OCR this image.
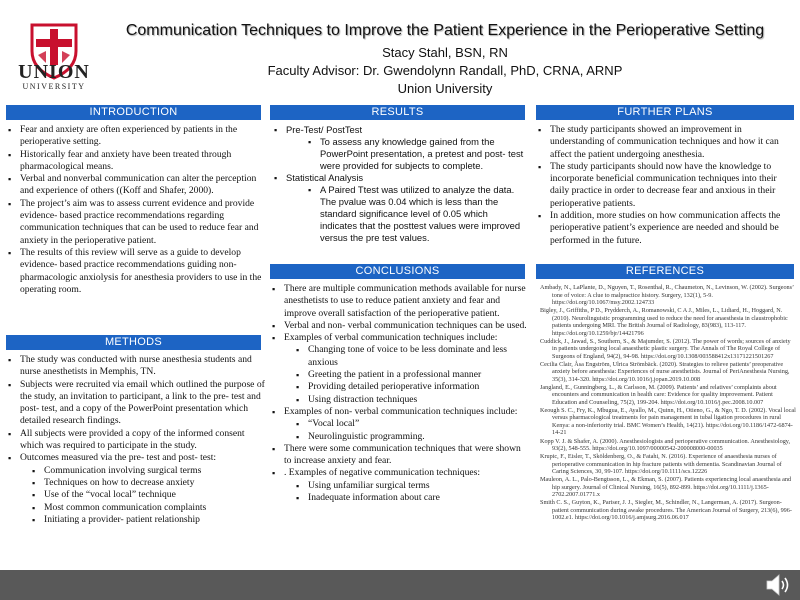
UNION
UNIVERSITY
Communication Techniques to Improve the Patient Experience in the Perioperative Setting
Stacy Stahl, BSN, RN
Faculty Advisor: Dr. Gwendolynn Randall, PhD, CRNA, ARNP
Union University
INTRODUCTION
▪ Fear and anxiety are often experienced by patients in the perioperative setting.
▪ Historically fear and anxiety have been treated through pharmacological means.
▪ Verbal and nonverbal communication can alter the perception and experience of others ((Koff and Shafer, 2000).
▪ The project’s aim was to assess current evidence and provide evidence- based practice recommendations regarding communication techniques that can be used to reduce fear and anxiety in the perioperative patient.
▪ The results of this review will serve as a guide to develop evidence- based practice recommendations guiding non- pharmacologic anxiolysis for anesthesia providers to use in the operating room.
METHODS
▪ The study was conducted with nurse anesthesia students and nurse anesthetists in Memphis, TN.
▪ Subjects were recruited via email which outlined the purpose of the study, an invitation to participant, a link to the pre- test and post- test, and a copy of the PowerPoint presentation which detailed research findings.
▪ All subjects were provided a copy of the informed consent which was required to participate in the study.
▪ Outcomes measured via the pre- test and post- test:
▪ Communication involving surgical terms
▪ Techniques on how to decrease anxiety
▪ Use of the “vocal local” technique
▪ Most common communication complaints
▪ Initiating a provider- patient relationship
RESULTS
▪ Pre-Test/ PostTest
▪ To assess any knowledge gained from the PowerPoint presentation, a pretest and post- test were provided for subjects to complete.
▪ Statistical Analysis
▪ A Paired Ttest was utilized to analyze the data. The pvalue was 0.04 which is less than the standard significance level of 0.05 which indicates that the posttest values were improved versus the pre test values.
CONCLUSIONS
▪ There are multiple communication methods available for nurse anesthetists to use to reduce patient anxiety and fear and improve overall satisfaction of the perioperative patient.
▪ Verbal and non- verbal communication techniques can be used.
▪ Examples of verbal communication techniques include:
▪ Changing tone of voice to be less dominate and less anxious
▪ Greeting the patient in a professional manner
▪ Providing detailed perioperative information
▪ Using distraction techniques
▪ Examples of non- verbal communication techniques include:
▪ “Vocal local”
▪ Neurolinguistic programming.
▪ There were some communication techniques that were shown to increase anxiety and fear.
▪ . Examples of negative communication techniques:
▪ Using unfamiliar surgical terms
▪ Inadequate information about care
FURTHER PLANS
▪ The study participants showed an improvement in understanding of communication techniques and how it can affect the patient undergoing anesthesia.
▪ The study participants should now have the knowledge to incorporate beneficial communication techniques into their daily practice in order to decrease fear and anxious in their perioperative patients.
▪ In addition, more studies on how communication affects the perioperative patient’s experience are needed and should be performed in the future.
REFERENCES

Ambady, N., LaPlante, D., Nguyen, T., Rosenthal, R., Chaumeton, N., Levinson, W. (2002). Surgeons’ tone of voice: A clue to malpractice history. Surgery, 132(1), 5-9. https://doi.org/10.1067/msy.2002.124733

Bigley, J., Griffiths, P D., Prydderch, A., Romanowski, C A J., Miles, L., Lidiard, H., Hoggard, N. (2010). Neurolinguistic programming used to reduce the need for anaesthesia in claustrophobic patients undergoing MRI. The British Journal of Radiology, 83(983), 113-117. https://doi.org/10.1259/bjr/14421796

Cuddick, J., Jawad, S., Southern, S., & Majumder, S. (2012). The power of words; sources of anxiety in patients undergoing local anaesthetic plastic surgery. The Annals of The Royal College of Surgeons of England, 94(2), 94-98. https://doi.org/10.1308/003588412x13171221501267

Cecilia Clair, Åsa Engström, Ulrica Strömbäck. (2020). Strategies to relieve patients’ preoperative anxiety before anesthesia: Experiences of nurse anesthetists. Journal of PeriAnesthesia Nursing, 35(3), 314-320. https://doi.org/10.1016/j.jopan.2019.10.008

Jangland, E., Gunningberg, L., & Carlsson, M. (2009). Patients’ and relatives’ complaints about encounters and communication in health care: Evidence for quality improvement. Patient Education and Counseling, 75(2), 199-204. https://doi.org/10.1016/j.pec.2008.10.007

Keough S. C., Fry, K., Mbugua, E., Ayallo, M., Quinn, H., Otieno, G., & Ngo, T. D. (2002). Vocal local versus pharmacological treatments for pain management in tubal ligation procedures in rural Kenya: a non-inferiority trial. BMC Women’s Health, 14(21). https://doi.org/10.1186/1472-6874-14-21

Kopp V. J. & Shafer, A. (2000). Anesthesiologists and perioperative communication. Anesthesiology, 93(2), 548-555. https://doi.org/10.1097/00000542-200008000-00035

Krupic, F., Eisler, T., Sköldenberg, O., & Fatahi, N. (2016). Experience of anaesthesia nurses of perioperative communication in hip fracture patients with dementia. Scandinavian Journal of Caring Sciences, 30, 99-107. https://doi.org/10.1111/scs.12226

Mauleon, A. L., Palo-Bengtsson, L., & Ekman, S. (2007). Patients experiencing local anaesthesia and hip surgery. Journal of Clinical Nursing, 16(5), 892-899. https://doi.org/10.1111/j.1365-2702.2007.01771.x

Smith C. S., Guyton, K., Pariser, J. J., Siegler, M., Schindler, N., Langerman, A. (2017). Surgeon-patient communication during awake procedures. The American Journal of Surgery, 213(6), 996-1002.e1. https://doi.org/10.1016/j.amjsurg.2016.06.017
